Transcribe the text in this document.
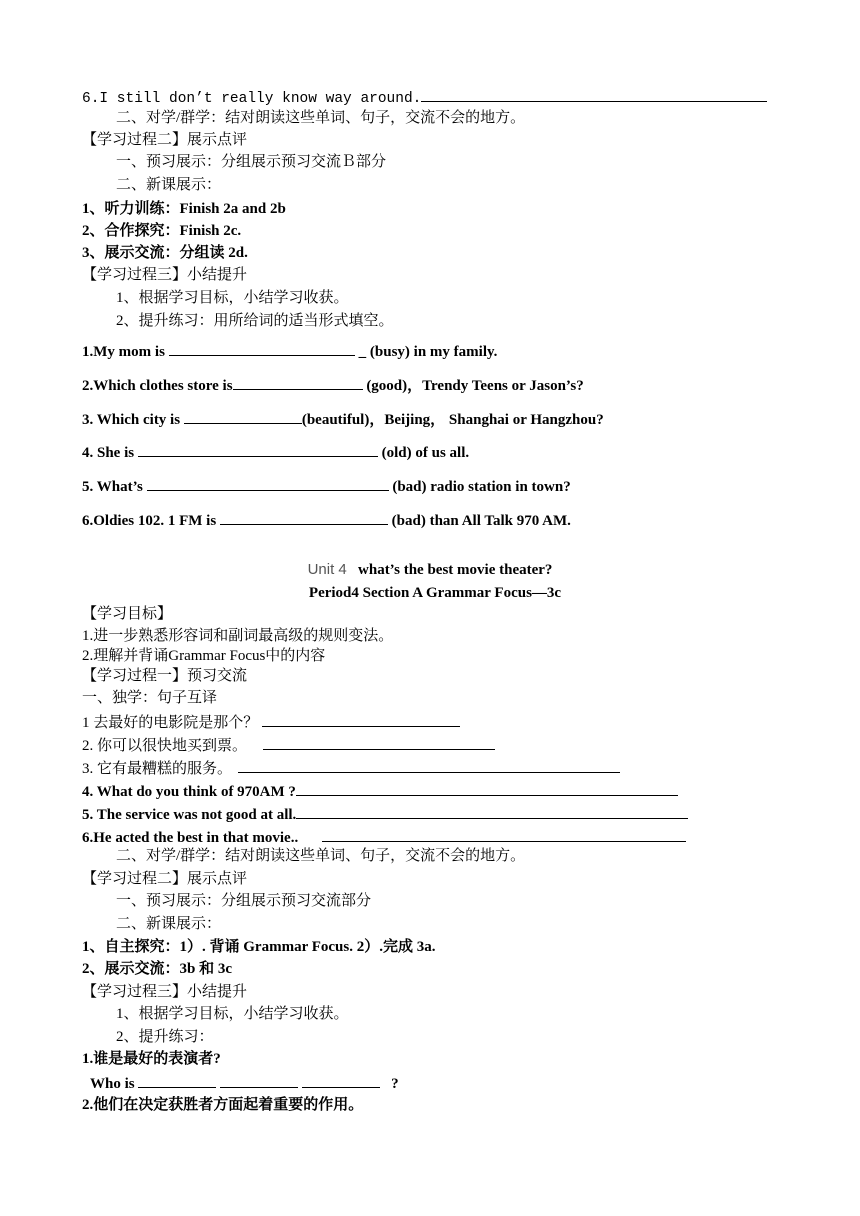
6.I still don’t really know way around.
二、对学/群学：结对朗读这些单词、句子，交流不会的地方。
【学习过程二】展示点评
一、预习展示：分组展示预习交流Ｂ部分
二、新课展示：
1、听力训练：Finish 2a and 2b
2、合作探究：Finish 2c.
3、展示交流：分组读 2d.
【学习过程三】小结提升
1、根据学习目标，小结学习收获。
2、提升练习：用所给词的适当形式填空。
1.My mom is	_ (busy) in my family.
2.Which clothes store is	(good)，Trendy Teens or Jason’s?
3. Which city is	(beautiful)，Beijing， Shanghai or Hangzhou?
4. She is	(old) of us all.
5. What’s	(bad) radio station in town?
6.Oldies 102. 1 FM is	(bad) than All Talk 970 AM.
Unit 4 what’s the best movie theater?
Period4 Section A Grammar Focus—3c
【学习目标】
1.进一步熟悉形容词和副词最高级的规则变法。
2.理解并背诵Grammar Focus中的内容
【学习过程一】预习交流
一、独学：句子互译
1 去最好的电影院是那个？
2. 你可以很快地买到票。
3. 它有最糟糕的服务。
4. What do you think of 970AM ?
5. The service was not good at all.
6.He acted the best in that movie..
二、对学/群学：结对朗读这些单词、句子，交流不会的地方。
【学习过程二】展示点评
一、预习展示：分组展示预习交流部分
二、新课展示：
1、自主探究：1）. 背诵 Grammar Focus. 2）.完成 3a.
2、展示交流：3b 和 3c
【学习过程三】小结提升
1、根据学习目标，小结学习收获。
2、提升练习：
1.谁是最好的表演者?
Who is	?
2.他们在决定获胜者方面起着重要的作用。
